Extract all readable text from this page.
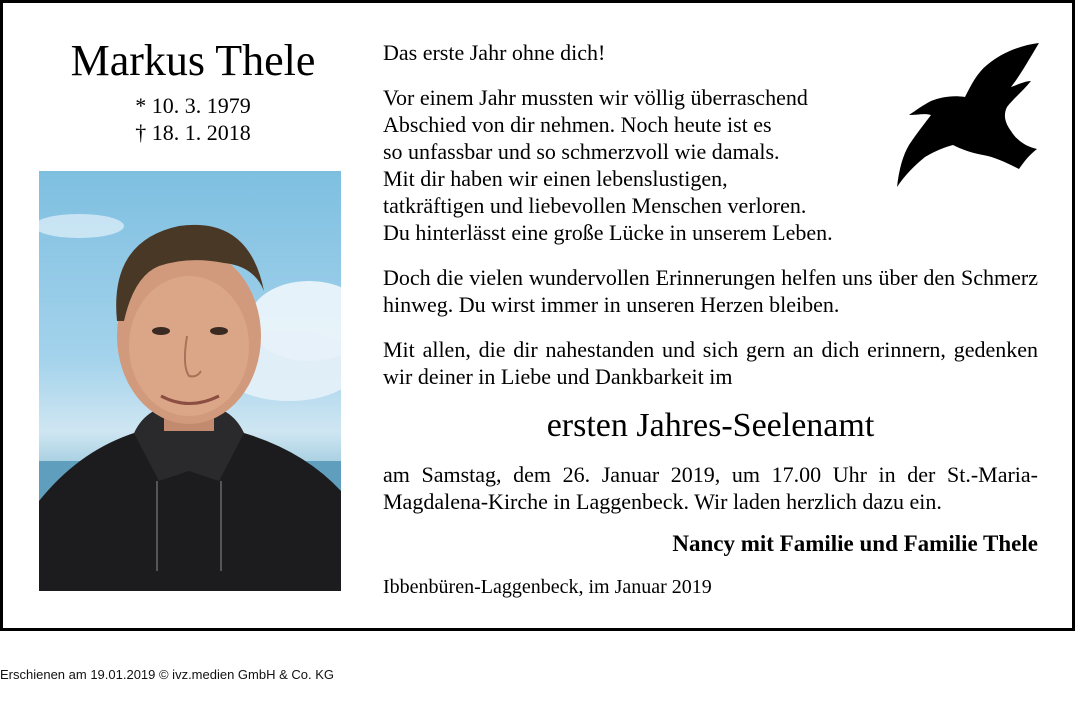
Markus Thele
* 10. 3. 1979
† 18. 1. 2018
Das erste Jahr ohne dich!
Vor einem Jahr mussten wir völlig überraschend
Abschied von dir nehmen. Noch heute ist es
so unfassbar und so schmerzvoll wie damals.
Mit dir haben wir einen lebenslustigen,
tatkräftigen und liebevollen Menschen verloren.
Du hinterlässt eine große Lücke in unserem Leben.
Doch die vielen wundervollen Erinnerungen helfen uns über den Schmerz hinweg. Du wirst immer in unseren Herzen bleiben.
Mit allen, die dir nahestanden und sich gern an dich erinnern, gedenken wir deiner in Liebe und Dankbarkeit im
ersten Jahres-Seelenamt
am Samstag, dem 26. Januar 2019, um 17.00 Uhr in der St.-Maria-Magdalena-Kirche in Laggenbeck. Wir laden herzlich dazu ein.
Nancy mit Familie und Familie Thele
Ibbenbüren-Laggenbeck, im Januar 2019
Erschienen am 19.01.2019 © ivz.medien GmbH & Co. KG
